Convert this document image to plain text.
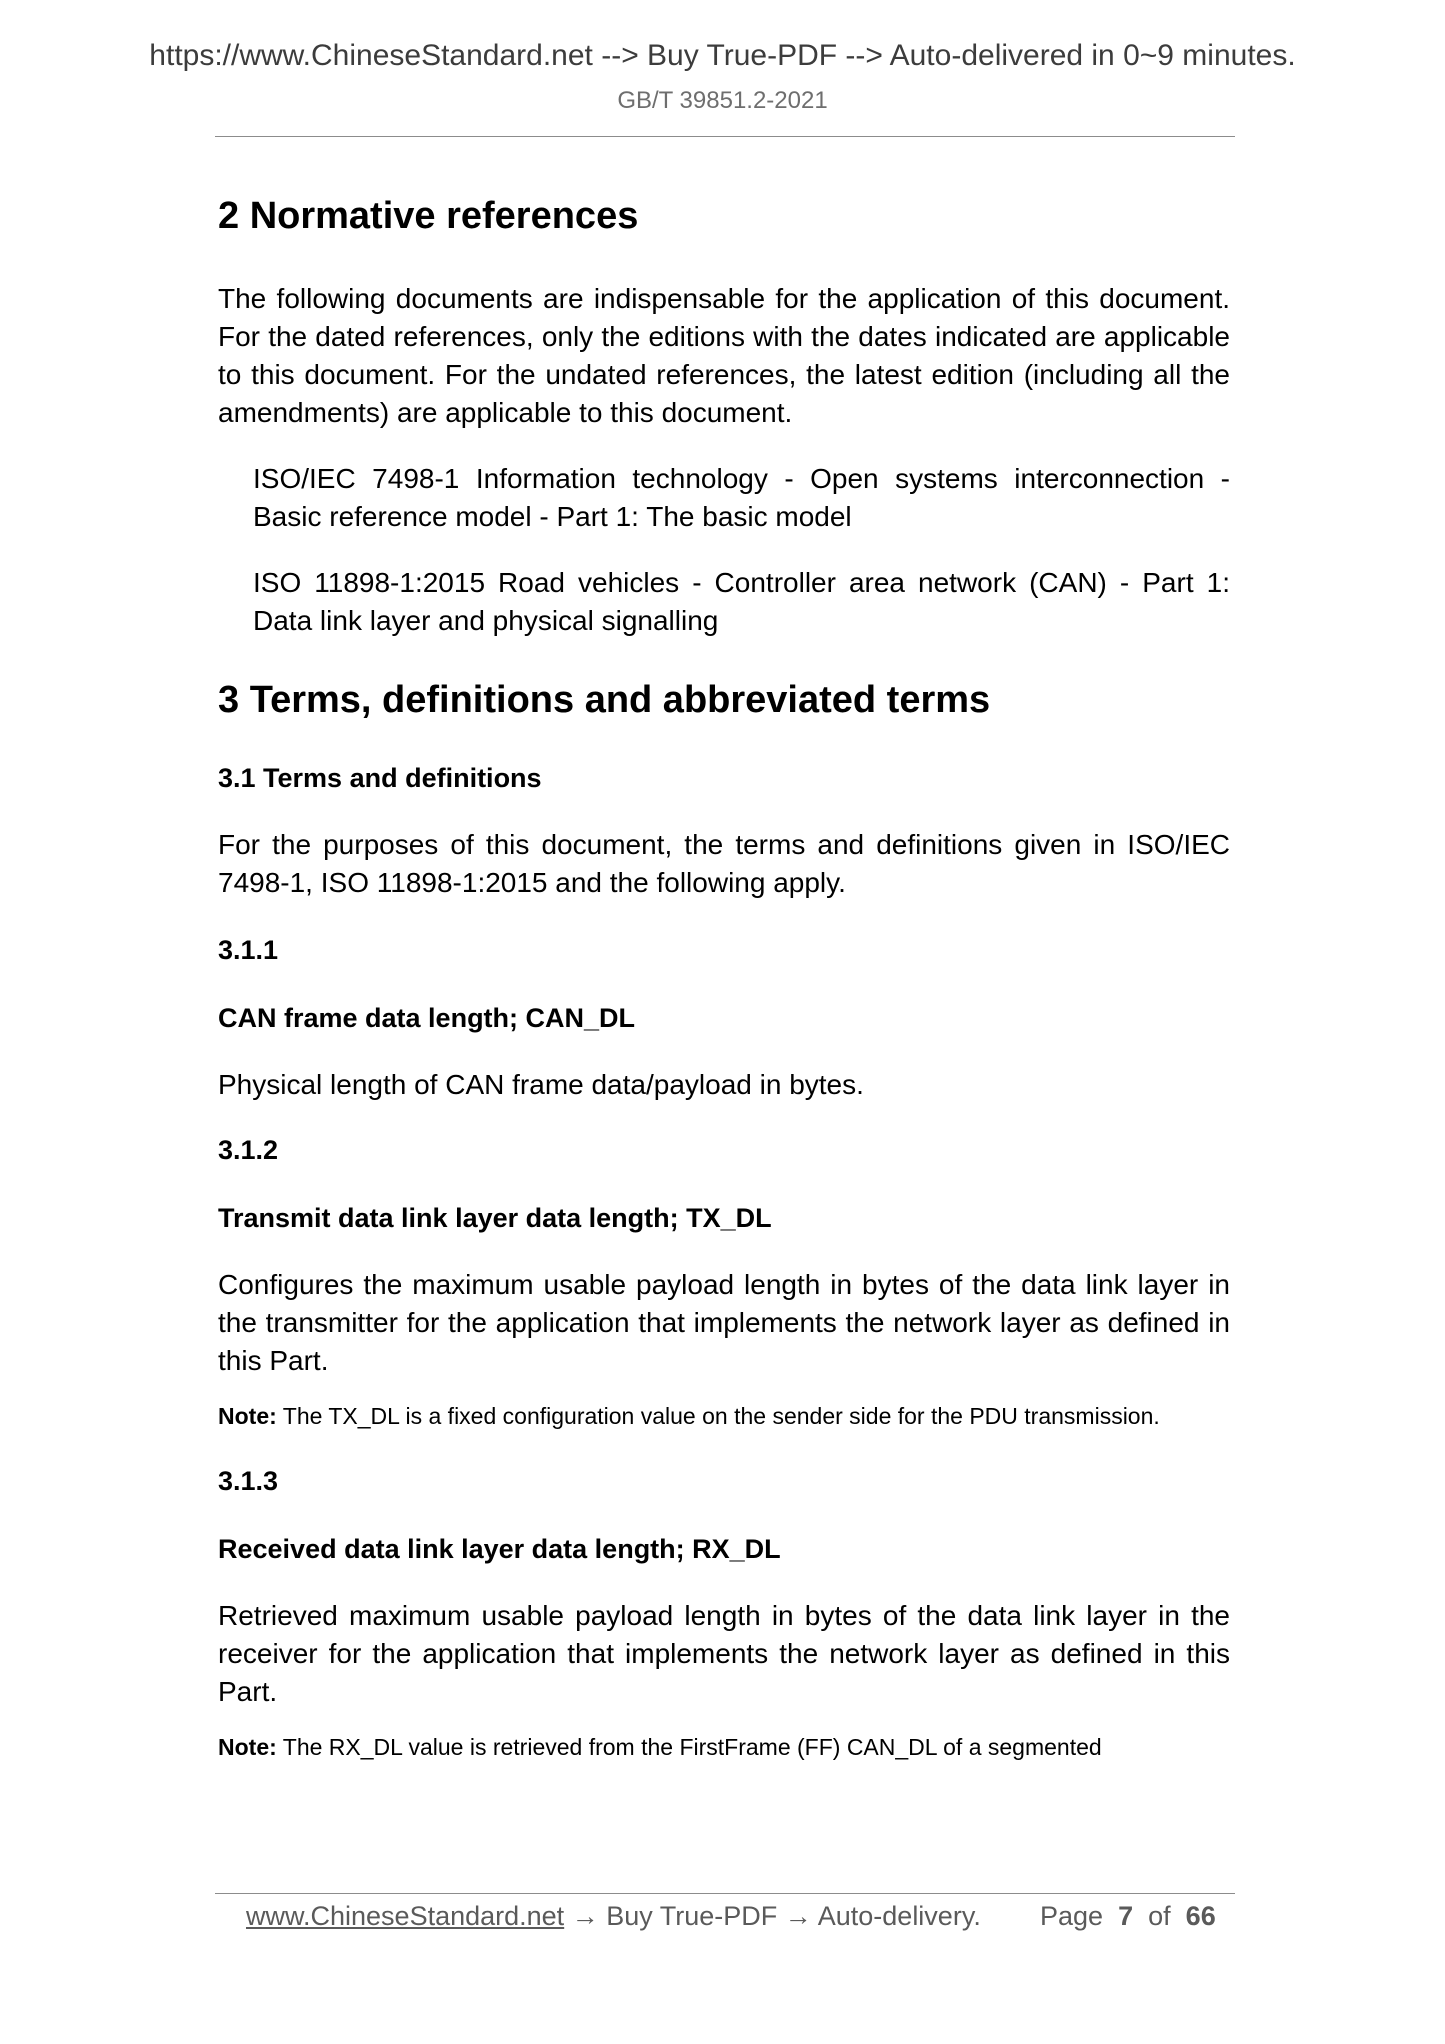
https://www.ChineseStandard.net --> Buy True-PDF --> Auto-delivered in 0~9 minutes.
GB/T 39851.2-2021
2 Normative references

The following documents are indispensable for the application of this document. For the dated references, only the editions with the dates indicated are applicable to this document. For the undated references, the latest edition (including all the amendments) are applicable to this document.

ISO/IEC 7498-1 Information technology - Open systems interconnection - Basic reference model - Part 1: The basic model

ISO 11898-1:2015 Road vehicles - Controller area network (CAN) - Part 1: Data link layer and physical signalling

3 Terms, definitions and abbreviated terms
3.1 Terms and definitions

For the purposes of this document, the terms and definitions given in ISO/IEC 7498-1, ISO 11898-1:2015 and the following apply.

3.1.1
CAN frame data length; CAN_DL

Physical length of CAN frame data/payload in bytes.

3.1.2
Transmit data link layer data length; TX_DL

Configures the maximum usable payload length in bytes of the data link layer in the transmitter for the application that implements the network layer as defined in this Part.

Note: The TX_DL is a fixed configuration value on the sender side for the PDU transmission.

3.1.3
Received data link layer data length; RX_DL

Retrieved maximum usable payload length in bytes of the data link layer in the receiver for the application that implements the network layer as defined in this Part.

Note: The RX_DL value is retrieved from the FirstFrame (FF) CAN_DL of a segmented

www.ChineseStandard.net → Buy True-PDF → Auto-delivery. Page 7 of 66
